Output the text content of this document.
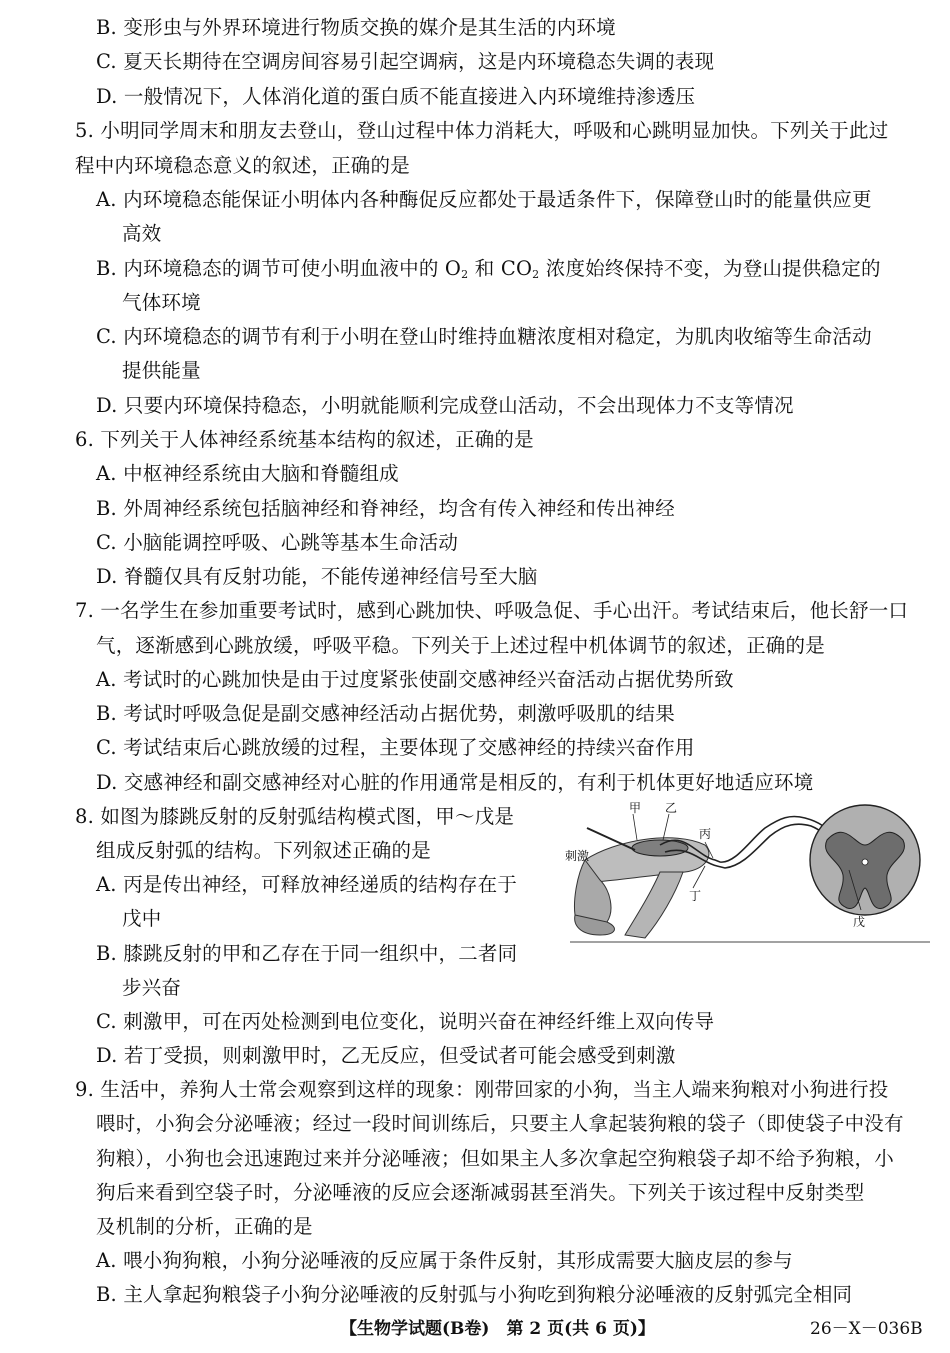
B. 变形虫与外界环境进行物质交换的媒介是其生活的内环境
C. 夏天长期待在空调房间容易引起空调病，这是内环境稳态失调的表现
D. 一般情况下，人体消化道的蛋白质不能直接进入内环境维持渗透压
5. 小明同学周末和朋友去登山，登山过程中体力消耗大，呼吸和心跳明显加快。下列关于此过
程中内环境稳态意义的叙述，正确的是
A. 内环境稳态能保证小明体内各种酶促反应都处于最适条件下，保障登山时的能量供应更
高效
B. 内环境稳态的调节可使小明血液中的 $O_2$ 和 $CO_2$ 浓度始终保持不变，为登山提供稳定的
气体环境
C. 内环境稳态的调节有利于小明在登山时维持血糖浓度相对稳定，为肌肉收缩等生命活动
提供能量
D. 只要内环境保持稳态，小明就能顺利完成登山活动，不会出现体力不支等情况
6. 下列关于人体神经系统基本结构的叙述，正确的是
A. 中枢神经系统由大脑和脊髓组成
B. 外周神经系统包括脑神经和脊神经，均含有传入神经和传出神经
C. 小脑能调控呼吸、心跳等基本生命活动
D. 脊髓仅具有反射功能，不能传递神经信号至大脑
7. 一名学生在参加重要考试时，感到心跳加快、呼吸急促、手心出汗。考试结束后，他长舒一口
气，逐渐感到心跳放缓，呼吸平稳。下列关于上述过程中机体调节的叙述，正确的是
A. 考试时的心跳加快是由于过度紧张使副交感神经兴奋活动占据优势所致
B. 考试时呼吸急促是副交感神经活动占据优势，刺激呼吸肌的结果
C. 考试结束后心跳放缓的过程，主要体现了交感神经的持续兴奋作用
D. 交感神经和副交感神经对心脏的作用通常是相反的，有利于机体更好地适应环境
8. 如图为膝跳反射的反射弧结构模式图，甲～戊是
组成反射弧的结构。下列叙述正确的是
A. 丙是传出神经，可释放神经递质的结构存在于
戊中
B. 膝跳反射的甲和乙存在于同一组织中，二者同
步兴奋
C. 刺激甲，可在丙处检测到电位变化，说明兴奋在神经纤维上双向传导
D. 若丁受损，则刺激甲时，乙无反应，但受试者可能会感受到刺激
甲 乙
丙
丁
戊
刺激
9. 生活中，养狗人士常会观察到这样的现象：刚带回家的小狗，当主人端来狗粮对小狗进行投
喂时，小狗会分泌唾液；经过一段时间训练后，只要主人拿起装狗粮的袋子（即使袋子中没有
狗粮），小狗也会迅速跑过来并分泌唾液；但如果主人多次拿起空狗粮袋子却不给予狗粮，小
狗后来看到空袋子时，分泌唾液的反应会逐渐减弱甚至消失。下列关于该过程中反射类型
及机制的分析，正确的是
A. 喂小狗狗粮，小狗分泌唾液的反应属于条件反射，其形成需要大脑皮层的参与
B. 主人拿起狗粮袋子小狗分泌唾液的反射弧与小狗吃到狗粮分泌唾液的反射弧完全相同
【生物学试题(B卷)　第 2 页(共 6 页)】	26－X－036B
